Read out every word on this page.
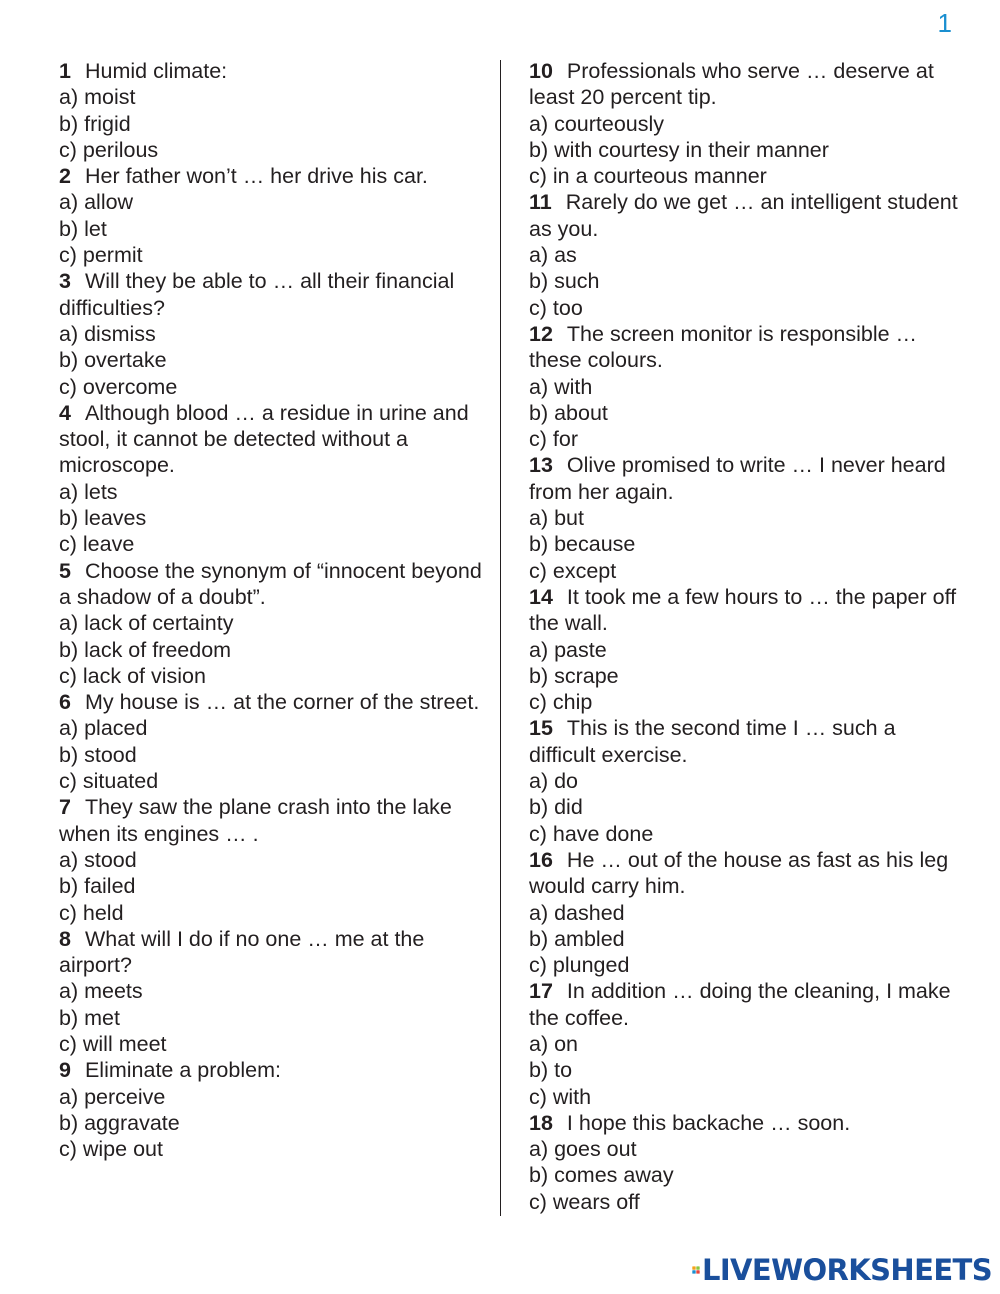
1
1 Humid climate:
a) moist
b) frigid
c) perilous
2 Her father won’t … her drive his car.
a) allow
b) let
c) permit
3 Will they be able to … all their financial difficulties?
a) dismiss
b) overtake
c) overcome
4 Although blood … a residue in urine and stool, it cannot be detected without a microscope.
a) lets
b) leaves
c) leave
5 Choose the synonym of “innocent beyond a shadow of a doubt”.
a) lack of certainty
b) lack of freedom
c) lack of vision
6 My house is … at the corner of the street.
a) placed
b) stood
c) situated
7 They saw the plane crash into the lake when its engines … .
a) stood
b) failed
c) held
8 What will I do if no one … me at the airport?
a) meets
b) met
c) will meet
9 Eliminate a problem:
a) perceive
b) aggravate
c) wipe out
10 Professionals who serve … deserve at least 20 percent tip.
a) courteously
b) with courtesy in their manner
c) in a courteous manner
11 Rarely do we get … an intelligent student as you.
a) as
b) such
c) too
12 The screen monitor is responsible … these colours.
a) with
b) about
c) for
13 Olive promised to write … I never heard from her again.
a) but
b) because
c) except
14 It took me a few hours to … the paper off the wall.
a) paste
b) scrape
c) chip
15 This is the second time I … such a difficult exercise.
a) do
b) did
c) have done
16 He … out of the house as fast as his leg would carry him.
a) dashed
b) ambled
c) plunged
17 In addition … doing the cleaning, I make the coffee.
a) on
b) to
c) with
18 I hope this backache … soon.
a) goes out
b) comes away
c) wears off
LIVEWORKSHEETS
